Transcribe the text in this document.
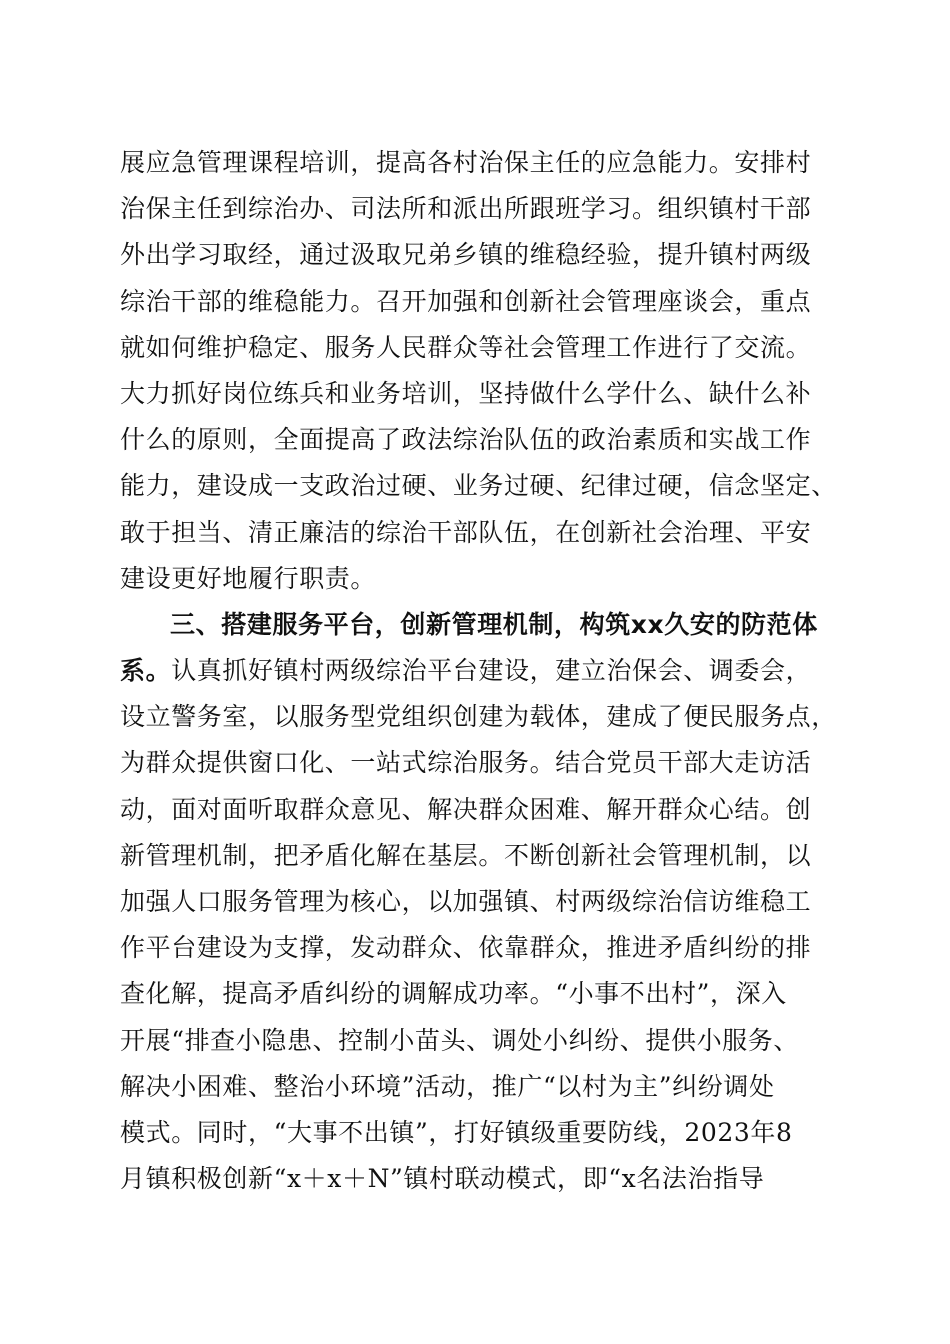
展应急管理课程培训，提高各村治保主任的应急能力。安排村
治保主任到综治办、司法所和派出所跟班学习。组织镇村干部
外出学习取经，通过汲取兄弟乡镇的维稳经验，提升镇村两级
综治干部的维稳能力。召开加强和创新社会管理座谈会，重点
就如何维护稳定、服务人民群众等社会管理工作进行了交流。
大力抓好岗位练兵和业务培训，坚持做什么学什么、缺什么补
什么的原则，全面提高了政法综治队伍的政治素质和实战工作
能力，建设成一支政治过硬、业务过硬、纪律过硬，信念坚定、
敢于担当、清正廉洁的综治干部队伍，在创新社会治理、平安
建设更好地履行职责。
三、搭建服务平台，创新管理机制，构筑xx久安的防范体
系。认真抓好镇村两级综治平台建设，建立治保会、调委会，
设立警务室，以服务型党组织创建为载体，建成了便民服务点，
为群众提供窗口化、一站式综治服务。结合党员干部大走访活
动，面对面听取群众意见、解决群众困难、解开群众心结。创
新管理机制，把矛盾化解在基层。不断创新社会管理机制，以
加强人口服务管理为核心，以加强镇、村两级综治信访维稳工
作平台建设为支撑，发动群众、依靠群众，推进矛盾纠纷的排
查化解，提高矛盾纠纷的调解成功率。“小事不出村”，深入
开展“排查小隐患、控制小苗头、调处小纠纷、提供小服务、
解决小困难、整治小环境”活动，推广“以村为主”纠纷调处
模式。同时，“大事不出镇”，打好镇级重要防线，2023年8
月镇积极创新“x＋x＋N”镇村联动模式，即“x名法治指导
